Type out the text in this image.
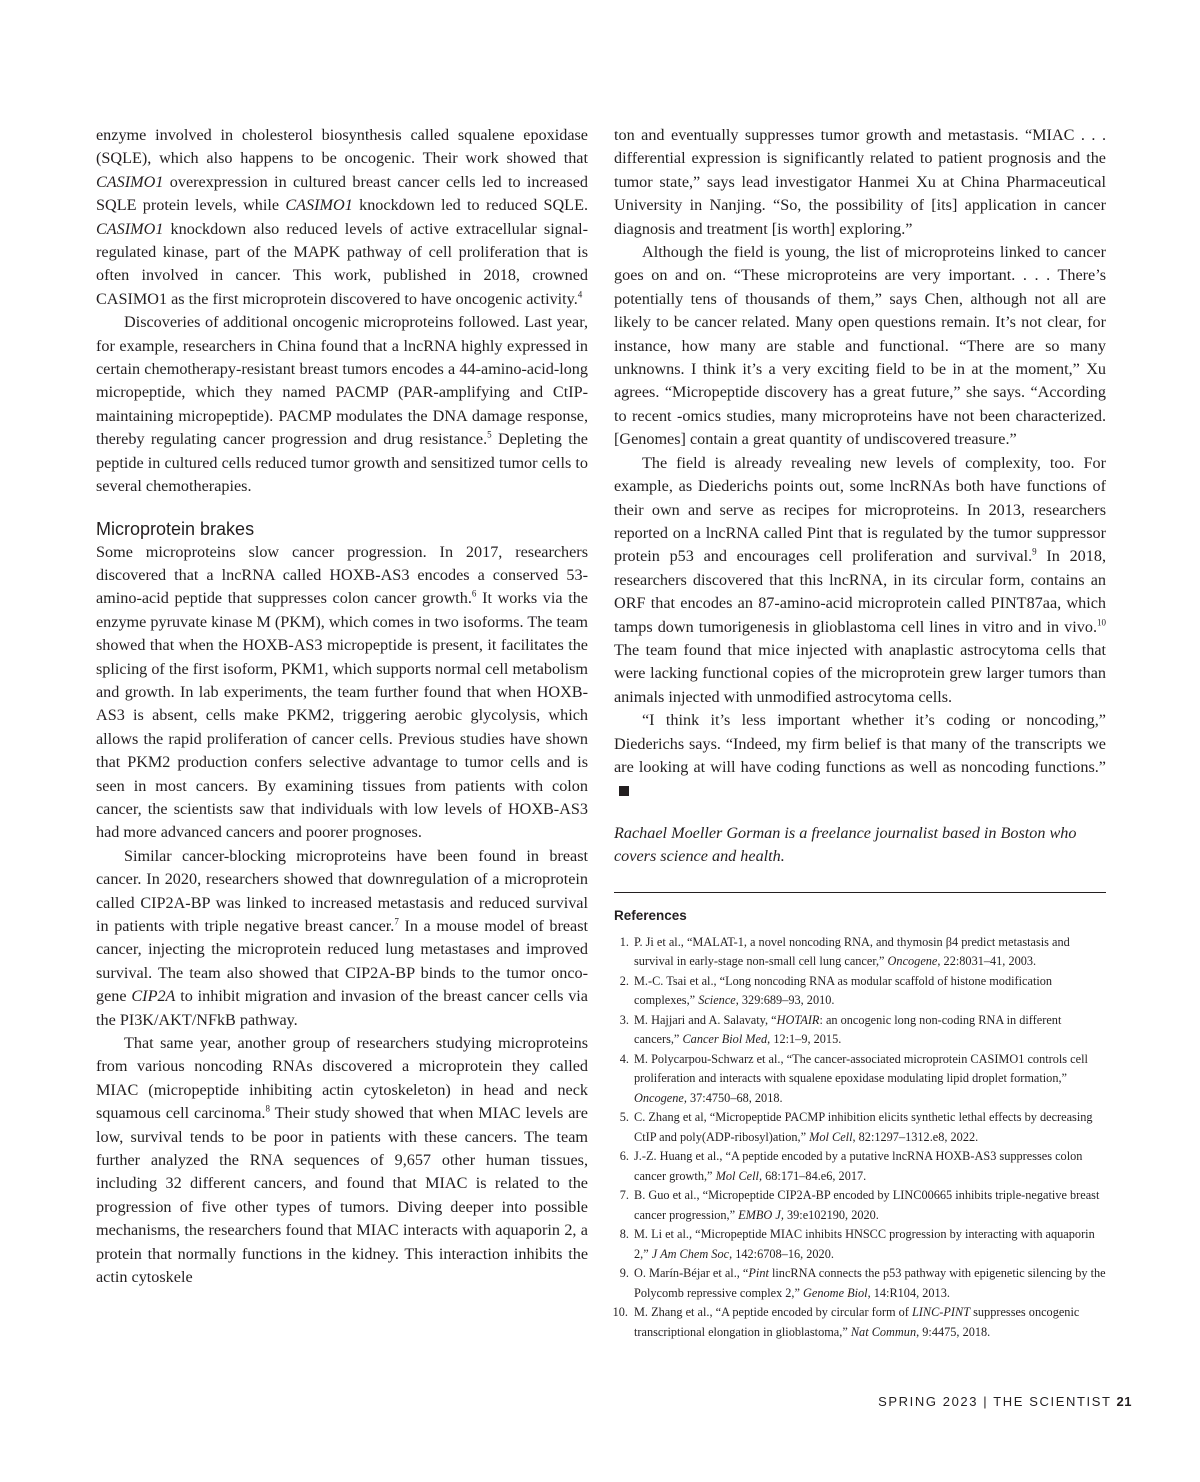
enzyme involved in cholesterol biosynthesis called squalene epoxidase (SQLE), which also happens to be oncogenic. Their work showed that CASIMO1 overexpression in cultured breast cancer cells led to increased SQLE protein levels, while CASIMO1 knockdown led to reduced SQLE. CASIMO1 knockdown also reduced levels of active extracellular signal-regulated kinase, part of the MAPK pathway of cell proliferation that is often involved in cancer. This work, published in 2018, crowned CASIMO1 as the first microprotein discovered to have oncogenic activity.$^4$

Discoveries of additional oncogenic microproteins followed. Last year, for example, researchers in China found that a lncRNA highly expressed in certain chemotherapy-resistant breast tumors encodes a 44-amino-acid-long micropeptide, which they named PACMP (PAR-amplifying and CtIP-maintaining micropeptide). PACMP modulates the DNA damage response, thereby regulating cancer progression and drug resistance.$^5$ Depleting the peptide in cultured cells reduced tumor growth and sensitized tumor cells to several chemotherapies.

Microprotein brakes

Some microproteins slow cancer progression. In 2017, researchers discovered that a lncRNA called HOXB-AS3 encodes a conserved 53-amino-acid peptide that suppresses colon cancer growth.$^6$ It works via the enzyme pyruvate kinase M (PKM), which comes in two isoforms. The team showed that when the HOXB-AS3 micropeptide is present, it facilitates the splicing of the first isoform, PKM1, which supports normal cell metabolism and growth. In lab experiments, the team further found that when HOXB-AS3 is absent, cells make PKM2, triggering aerobic glycolysis, which allows the rapid proliferation of cancer cells. Previous studies have shown that PKM2 production confers selective advantage to tumor cells and is seen in most cancers. By examining tissues from patients with colon cancer, the scientists saw that individuals with low levels of HOXB-AS3 had more advanced cancers and poorer prognoses.

Similar cancer-blocking microproteins have been found in breast cancer. In 2020, researchers showed that downregulation of a microprotein called CIP2A-BP was linked to increased metastasis and reduced survival in patients with triple negative breast cancer.$^7$ In a mouse model of breast cancer, injecting the microprotein reduced lung metastases and improved survival. The team also showed that CIP2A-BP binds to the tumor oncogene CIP2A to inhibit migration and invasion of the breast cancer cells via the PI3K/AKT/NFkB pathway.

That same year, another group of researchers studying microproteins from various noncoding RNAs discovered a microprotein they called MIAC (micropeptide inhibiting actin cytoskeleton) in head and neck squamous cell carcinoma.$^8$ Their study showed that when MIAC levels are low, survival tends to be poor in patients with these cancers. The team further analyzed the RNA sequences of 9,657 other human tissues, including 32 different cancers, and found that MIAC is related to the progression of five other types of tumors. Diving deeper into possible mechanisms, the researchers found that MIAC interacts with aquaporin 2, a protein that normally functions in the kidney. This interaction inhibits the actin cytoskele

ton and eventually suppresses tumor growth and metastasis. “MIAC . . . differential expression is significantly related to patient prognosis and the tumor state,” says lead investigator Hanmei Xu at China Pharmaceutical University in Nanjing. “So, the possibility of [its] application in cancer diagnosis and treatment [is worth] exploring.”

Although the field is young, the list of microproteins linked to cancer goes on and on. “These microproteins are very important. . . . There’s potentially tens of thousands of them,” says Chen, although not all are likely to be cancer related. Many open questions remain. It’s not clear, for instance, how many are stable and functional. “There are so many unknowns. I think it’s a very exciting field to be in at the moment,” Xu agrees. “Micropeptide discovery has a great future,” she says. “According to recent -omics studies, many microproteins have not been characterized. [Genomes] contain a great quantity of undiscovered treasure.”

The field is already revealing new levels of complexity, too. For example, as Diederichs points out, some lncRNAs both have functions of their own and serve as recipes for microproteins. In 2013, researchers reported on a lncRNA called Pint that is regulated by the tumor suppressor protein p53 and encourages cell proliferation and survival.$^9$ In 2018, researchers discovered that this lncRNA, in its circular form, contains an ORF that encodes an 87-amino-acid microprotein called PINT87aa, which tamps down tumorigenesis in glioblastoma cell lines in vitro and in vivo.$^{10}$ The team found that mice injected with anaplastic astrocytoma cells that were lacking functional copies of the microprotein grew larger tumors than animals injected with unmodified astrocytoma cells.

“I think it’s less important whether it’s coding or noncoding,” Diederichs says. “Indeed, my firm belief is that many of the transcripts we are looking at will have coding functions as well as noncoding functions.”

Rachael Moeller Gorman is a freelance journalist based in Boston who covers science and health.

References
1. P. Ji et al., “MALAT-1, a novel noncoding RNA, and thymosin β4 predict metastasis and survival in early-stage non-small cell lung cancer,” Oncogene, 22:8031–41, 2003.
2. M.-C. Tsai et al., “Long noncoding RNA as modular scaffold of histone modification complexes,” Science, 329:689–93, 2010.
3. M. Hajjari and A. Salavaty, “HOTAIR: an oncogenic long non-coding RNA in different cancers,” Cancer Biol Med, 12:1–9, 2015.
4. M. Polycarpou-Schwarz et al., “The cancer-associated microprotein CASIMO1 controls cell proliferation and interacts with squalene epoxidase modulating lipid droplet formation,” Oncogene, 37:4750–68, 2018.
5. C. Zhang et al, “Micropeptide PACMP inhibition elicits synthetic lethal effects by decreasing CtIP and poly(ADP-ribosyl)ation,” Mol Cell, 82:1297–1312.e8, 2022.
6. J.-Z. Huang et al., “A peptide encoded by a putative lncRNA HOXB-AS3 suppresses colon cancer growth,” Mol Cell, 68:171–84.e6, 2017.
7. B. Guo et al., “Micropeptide CIP2A-BP encoded by LINC00665 inhibits triple-negative breast cancer progression,” EMBO J, 39:e102190, 2020.
8. M. Li et al., “Micropeptide MIAC inhibits HNSCC progression by interacting with aquaporin 2,” J Am Chem Soc, 142:6708–16, 2020.
9. O. Marín-Béjar et al., “Pint lincRNA connects the p53 pathway with epigenetic silencing by the Polycomb repressive complex 2,” Genome Biol, 14:R104, 2013.
10. M. Zhang et al., “A peptide encoded by circular form of LINC-PINT suppresses oncogenic transcriptional elongation in glioblastoma,” Nat Commun, 9:4475, 2018.
SPRING 2023 | THE SCIENTIST 21
